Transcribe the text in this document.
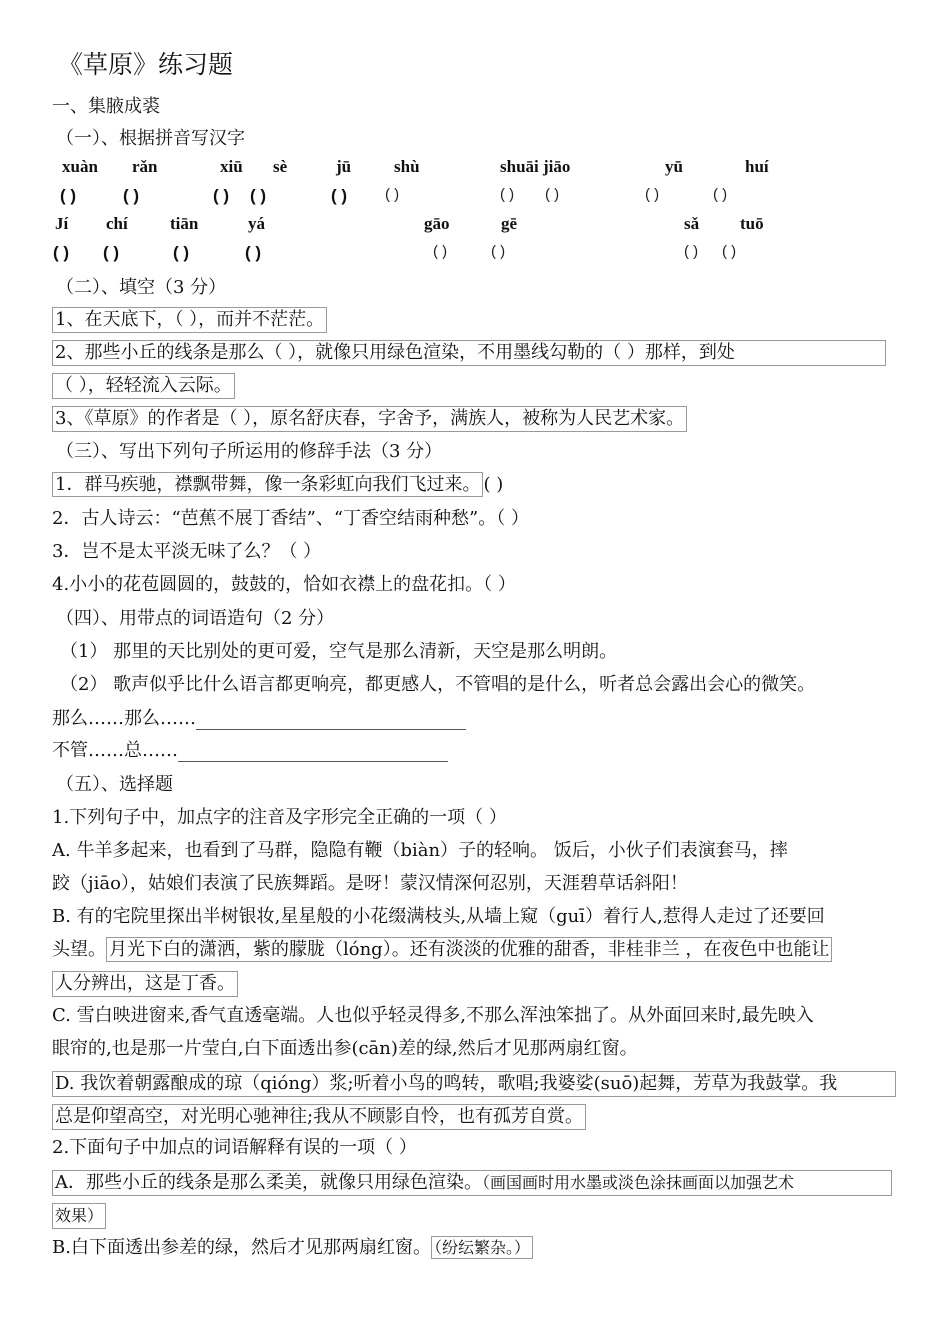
《草原》练习题
一、集腋成裘
（一）、根据拼音写汉字
xuàn rǎn	xiū sè	jū	shù	shuāi jiāo	yū	huí
( )	( )	( ) ( )	( )	( )	( ) ( )	( )	( )
Jí chí tiān	yá	gāo	gē	sǎ tuō
( ) ( )	( )	( )	( )	( )	( ) ( )
（二）、填空（3 分）
1、在天底下，（ ），而并不茫茫。
2、那些小丘的线条是那么（ ），就像只用绿色渲染，不用墨线勾勒的（ ）那样，到处
（ ），轻轻流入云际。
3、《草原》的作者是（ ），原名舒庆春，字舍予，满族人，被称为人民艺术家。
（三）、写出下列句子所运用的修辞手法（3 分）
1．群马疾驰，襟飘带舞，像一条彩虹向我们飞过来。 ( )
2．古人诗云：“芭蕉不展丁香结”、“丁香空结雨种愁”。（ ）
3．岂不是太平淡无味了么？（ ）
4.小小的花苞圆圆的，鼓鼓的，恰如衣襟上的盘花扣。（ ）
（四）、用带点的词语造句（2 分）
（1） 那里的天比别处的更可爱，空气是那么清新，天空是那么明朗。
（2） 歌声似乎比什么语言都更响亮，都更感人，不管唱的是什么，听者总会露出会心的微笑。
那么……那么……
不管……总……
（五）、选择题
1.下列句子中，加点字的注音及字形完全正确的一项（ ）
A. 牛羊多起来，也看到了马群，隐隐有鞭（biàn）子的轻响。 饭后，小伙子们表演套马，摔
跤（jiāo），姑娘们表演了民族舞蹈。是呀！蒙汉情深何忍别，天涯碧草话斜阳！
B. 有的宅院里探出半树银妆,星星般的小花缀满枝头,从墙上窥（guī）着行人,惹得人走过了还要回
头望。 月光下白的潇洒，紫的朦胧（lóng）。还有淡淡的优雅的甜香，非桂非兰 ，在夜色中也能让
人分辨出，这是丁香。
C. 雪白映进窗来,香气直透毫端。人也似乎轻灵得多,不那么浑浊笨拙了。从外面回来时,最先映入
眼帘的,也是那一片莹白,白下面透出参(cān)差的绿,然后才见那两扇红窗。
D. 我饮着朝露酿成的琼（qióng）浆;听着小鸟的鸣转，歌唱;我婆娑(suō)起舞，芳草为我鼓掌。我
总是仰望高空，对光明心驰神往;我从不顾影自怜，也有孤芳自赏。
2.下面句子中加点的词语解释有误的一项（ ）
A．那些小丘的线条是那么柔美，就像只用绿色渲染。（画国画时用水墨或淡色涂抹画面以加强艺术
效果）
B.白下面透出参差的绿，然后才见那两扇红窗。 （纷纭繁杂。）
